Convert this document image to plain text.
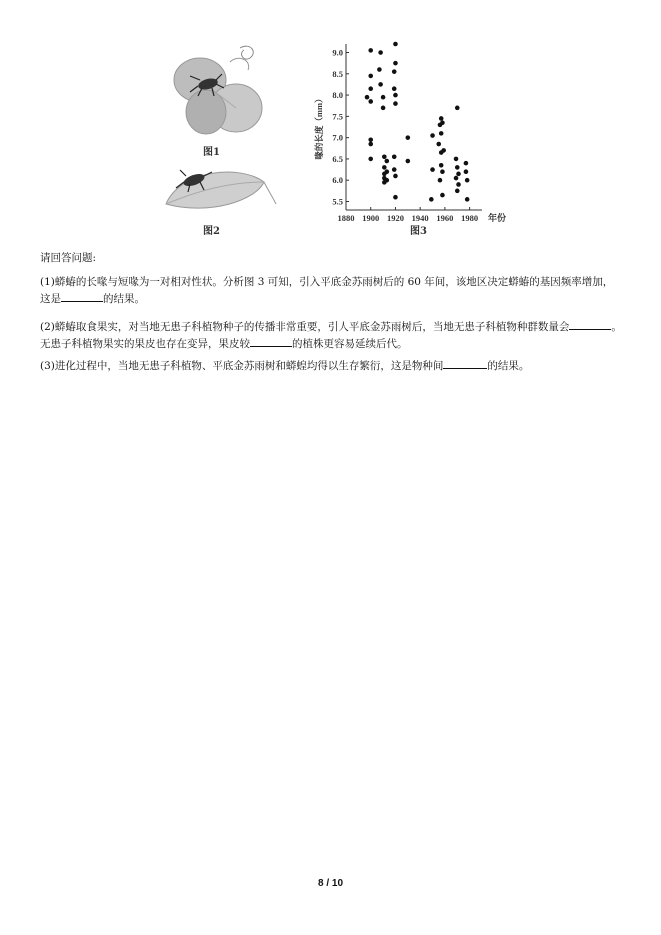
图1
图2
5.5
6.0
6.5
7.0
7.5
8.0
8.5
9.0
1880 1900 1920 1940 1960 1980 年份
喙的长度（mm）
图3
请回答问题:
(1)蟒蝽的长喙与短喙为一对相对性状。分析图 3 可知，引入平底金苏雨树后的 60 年间，该地区决定蟒蝽的基因频率增加，这是	的结果。
(2)蟒蝽取食果实，对当地无患子科植物种子的传播非常重要，引人平底金苏雨树后，当地无患子科植物种群数量会	。无患子科植物果实的果皮也存在变异，果皮较	的植株更容易延续后代。
(3)进化过程中，当地无患子科植物、平底金苏雨树和蟒蝗均得以生存繁衍，这是物种间	的结果。
8 / 10
